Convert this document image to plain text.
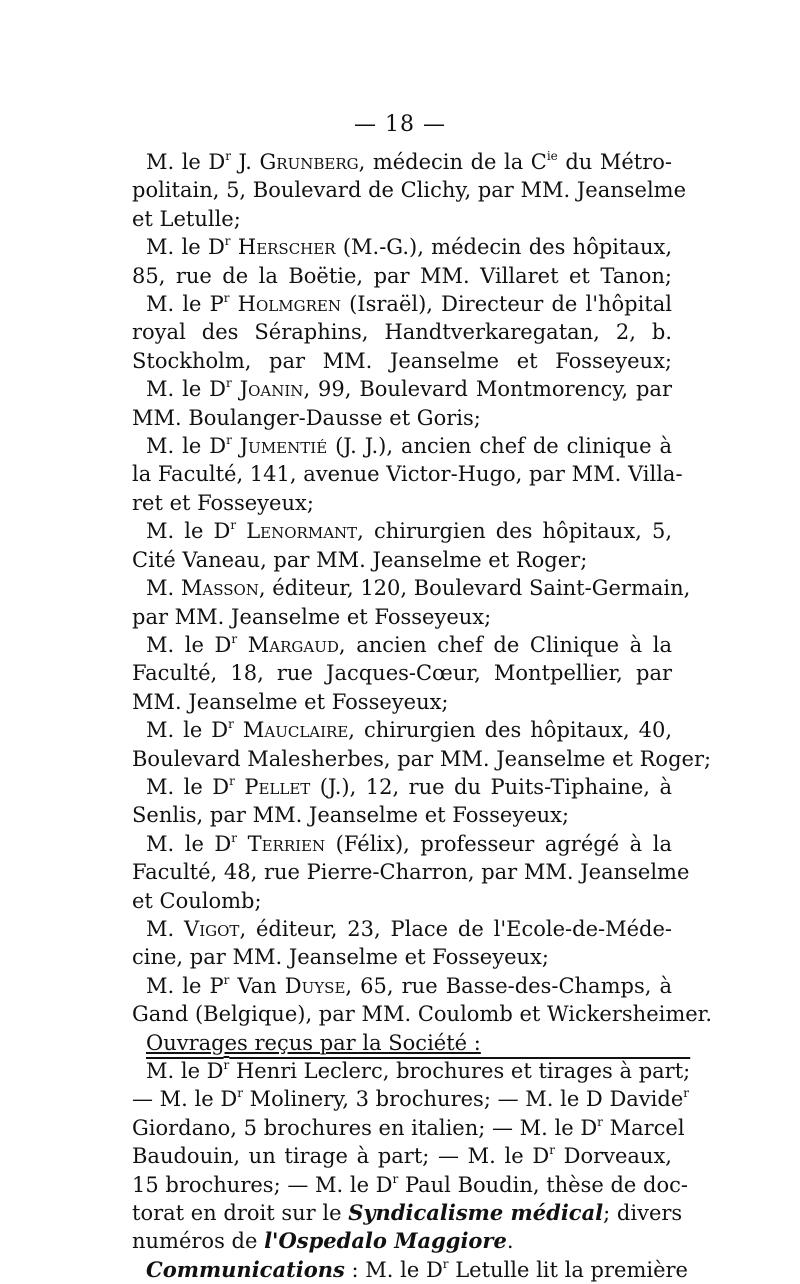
— 18 —
M. le $D^r$ J. Grunberg, médecin de la $C^{ie}$ du Métro-
politain, 5, Boulevard de Clichy, par MM. Jeanselme
et Letulle;
M. le $D^r$ Herscher (M.-G.), médecin des hôpitaux,
85, rue de la Boëtie, par MM. Villaret et Tanon;
M. le $P^r$ Holmgren (Israël), Directeur de l'hôpital
royal des Séraphins, Handtverkaregatan, 2, b.
Stockholm, par MM. Jeanselme et Fosseyeux;
M. le $D^r$ Joanin, 99, Boulevard Montmorency, par
MM. Boulanger-Dausse et Goris;
M. le $D^r$ Jumentié (J. J.), ancien chef de clinique à
la Faculté, 141, avenue Victor-Hugo, par MM. Villa-
ret et Fosseyeux;
M. le $D^r$ Lenormant, chirurgien des hôpitaux, 5,
Cité Vaneau, par MM. Jeanselme et Roger;
M. Masson, éditeur, 120, Boulevard Saint-Germain,
par MM. Jeanselme et Fosseyeux;
M. le $D^r$ Margaud, ancien chef de Clinique à la
Faculté, 18, rue Jacques-Cœur, Montpellier, par
MM. Jeanselme et Fosseyeux;
M. le $D^r$ Mauclaire, chirurgien des hôpitaux, 40,
Boulevard Malesherbes, par MM. Jeanselme et Roger;
M. le $D^r$ Pellet (J.), 12, rue du Puits-Tiphaine, à
Senlis, par MM. Jeanselme et Fosseyeux;
M. le $D^r$ Terrien (Félix), professeur agrégé à la
Faculté, 48, rue Pierre-Charron, par MM. Jeanselme
et Coulomb;
M. Vigot, éditeur, 23, Place de l'Ecole-de-Méde-
cine, par MM. Jeanselme et Fosseyeux;
M. le $P^r$ Van Duyse, 65, rue Basse-des-Champs, à
Gand (Belgique), par MM. Coulomb et Wickersheimer.
Ouvrages reçus par la Société :
M. le $D^r$ Henri Leclerc, brochures et tirages à part;
— M. le $D^r$ Molinery, 3 brochures; — M. le D Davide$^r$
Giordano, 5 brochures en italien; — M. le $D^r$ Marcel
Baudouin, un tirage à part; — M. le $D^r$ Dorveaux,
15 brochures; — M. le $D^r$ Paul Boudin, thèse de doc-
torat en droit sur le Syndicalisme médical; divers
numéros de l'Ospedalo Maggiore.
Communications : M. le $D^r$ Letulle lit la première
